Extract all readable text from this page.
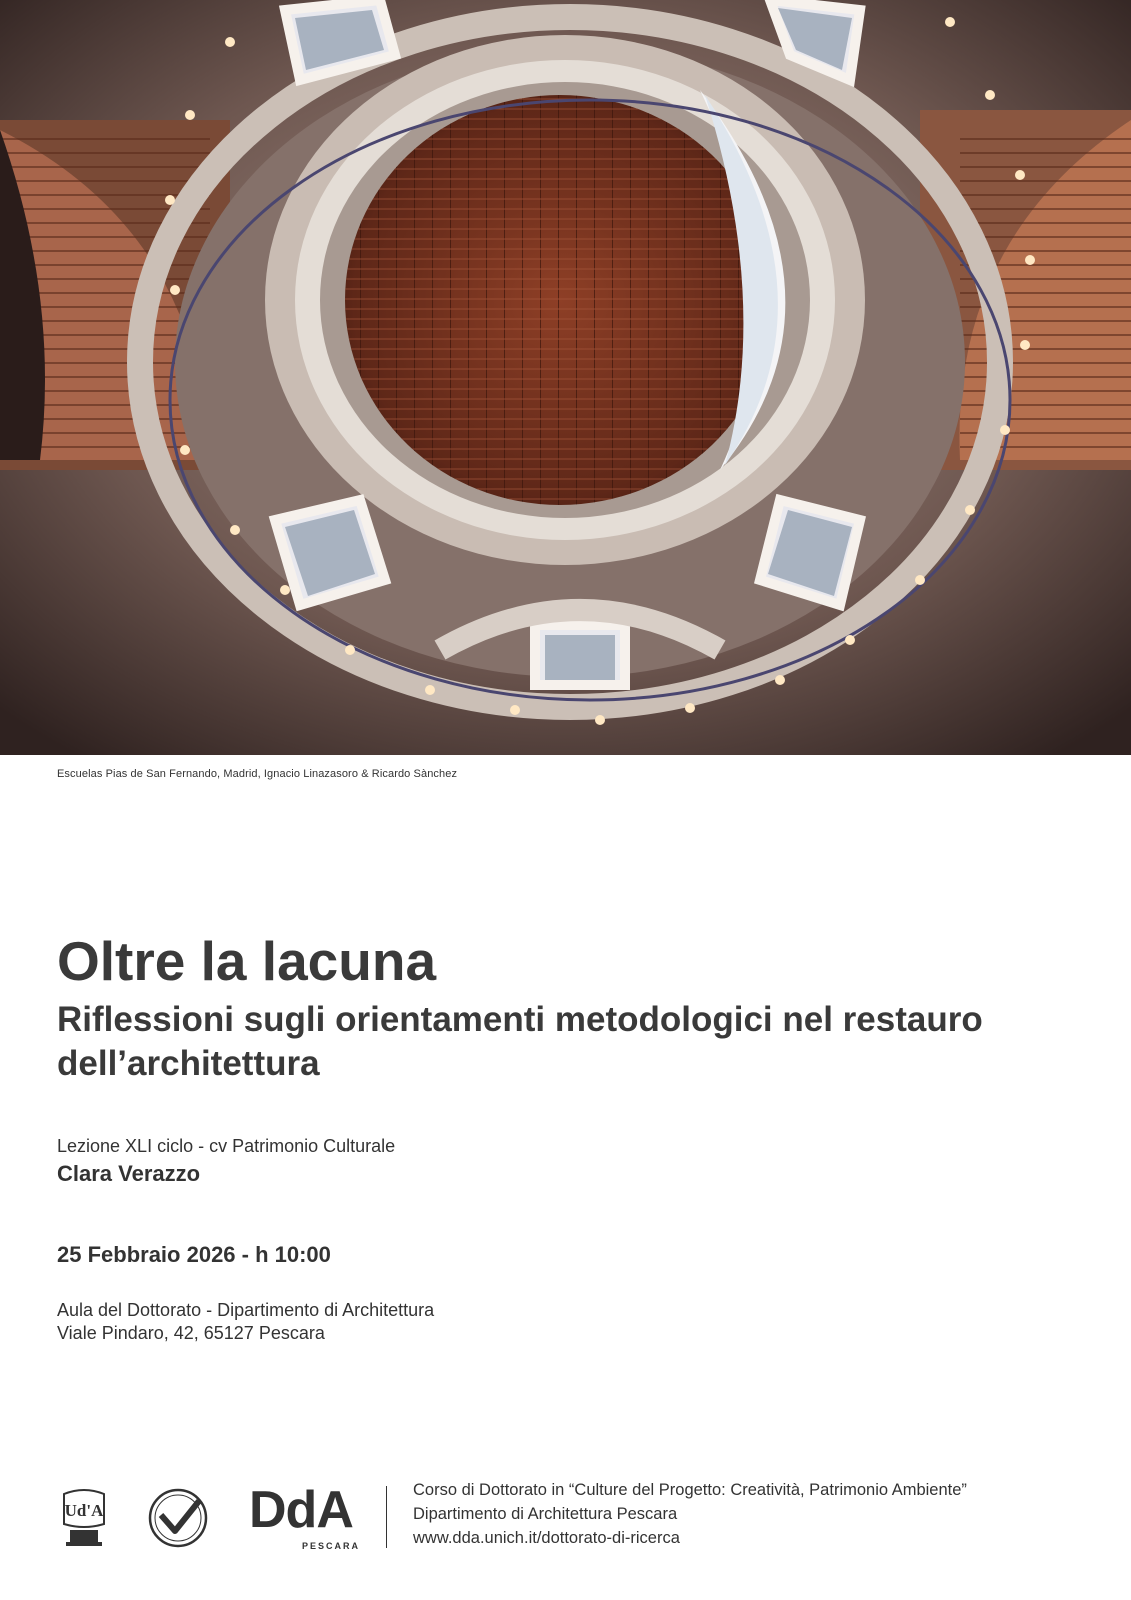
Escuelas Pias de San Fernando, Madrid, Ignacio Linazasoro & Ricardo Sànchez
Oltre la lacuna
Riflessioni sugli orientamenti metodologici nel restauro dell’architettura
Lezione XLI ciclo - cv Patrimonio Culturale
Clara Verazzo
25 Febbraio 2026 - h 10:00
Aula del Dottorato - Dipartimento di Architettura
Viale Pindaro, 42, 65127 Pescara
Ud'A	DdA
PESCARA
Corso di Dottorato in “Culture del Progetto: Creatività, Patrimonio Ambiente”
Dipartimento di Architettura Pescara
www.dda.unich.it/dottorato-di-ricerca
